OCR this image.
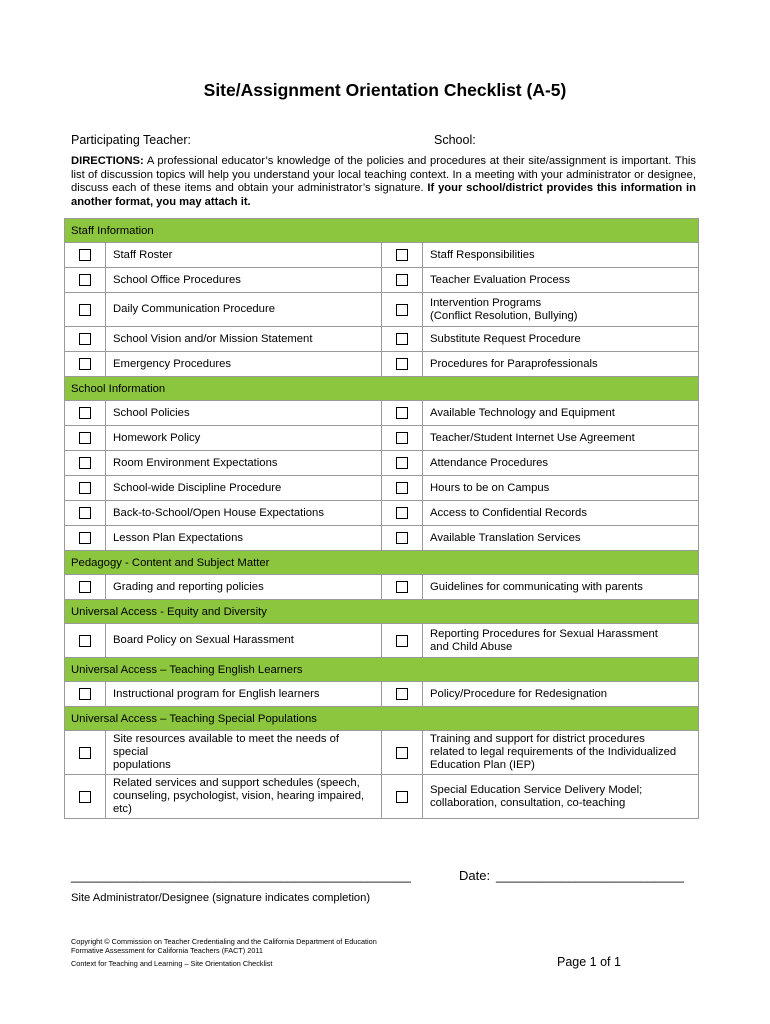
Site/Assignment Orientation Checklist (A-5)
Participating Teacher:	School:
DIRECTIONS: A professional educator’s knowledge of the policies and procedures at their site/assignment is important. This list of discussion topics will help you understand your local teaching context. In a meeting with your administrator or designee, discuss each of these items and obtain your administrator’s signature. If your school/district provides this information in another format, you may attach it.
Staff Information			
	Staff Roster		Staff Responsibilities
	School Office Procedures		Teacher Evaluation Process
	Daily Communication Procedure		Intervention Programs
(Conflict Resolution, Bullying)
	School Vision and/or Mission Statement		Substitute Request Procedure
	Emergency Procedures		Procedures for Paraprofessionals
School Information			
	School Policies		Available Technology and Equipment
	Homework Policy		Teacher/Student Internet Use Agreement
	Room Environment Expectations		Attendance Procedures
	School-wide Discipline Procedure		Hours to be on Campus
	Back-to-School/Open House Expectations		Access to Confidential Records
	Lesson Plan Expectations		Available Translation Services
Pedagogy - Content and Subject Matter			
	Grading and reporting policies		Guidelines for communicating with parents
Universal Access - Equity and Diversity			
	Board Policy on Sexual Harassment		Reporting Procedures for Sexual Harassment
and Child Abuse
Universal Access – Teaching English Learners			
	Instructional program for English learners		Policy/Procedure for Redesignation
Universal Access – Teaching Special Populations			
	Site resources available to meet the needs of special
populations		Training and support for district procedures
related to legal requirements of the Individualized
Education Plan (IEP)
	Related services and support schedules (speech,
counseling, psychologist, vision, hearing impaired, etc)		Special Education Service Delivery Model;
collaboration, consultation, co-teaching
_______________________________________________	Date: __________________________
Site Administrator/Designee (signature indicates completion)
Copyright © Commission on Teacher Credentialing and the California Department of Education
Formative Assessment for California Teachers (FACT) 2011
Context for Teaching and Learning – Site Orientation Checklist	Page 1 of 1
